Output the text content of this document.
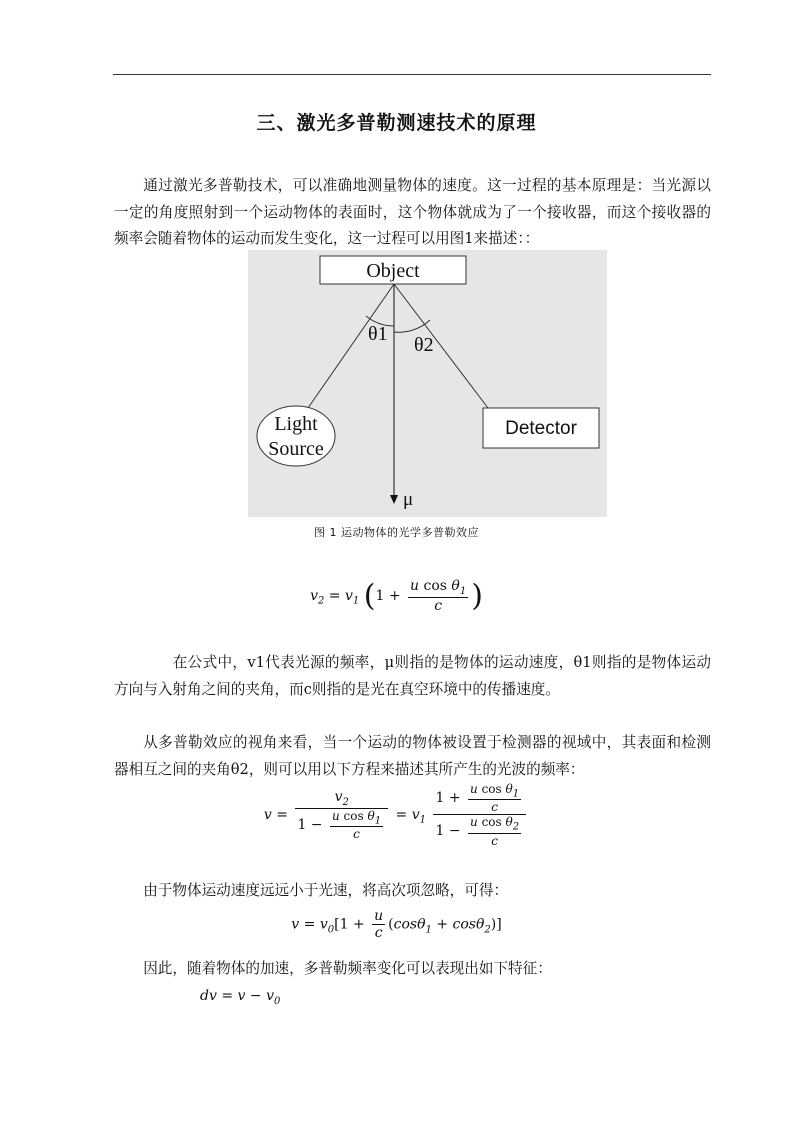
三、激光多普勒测速技术的原理

通过激光多普勒技术，可以准确地测量物体的速度。这一过程的基本原理是：当光源以一定的角度照射到一个运动物体的表面时，这个物体就成为了一个接收器，而这个接收器的频率会随着物体的运动而发生变化，这一过程可以用图1来描述：：

Object
θ1 θ2
Light
Source
Detector
μ
图 1 运动物体的光学多普勒效应
$v_2 = v_1$ ($1 + \frac{u \cos \theta_1}{c}$ )

在公式中，v1代表光源的频率，μ则指的是物体的运动速度，θ1则指的是物体运动方向与入射角之间的夹角，而c则指的是光在真空环境中的传播速度。

从多普勒效应的视角来看，当一个运动的物体被设置于检测器的视域中，其表面和检测器相互之间的夹角θ2，则可以用以下方程来描述其所产生的光波的频率：

$v = \frac{v_2}{1 - \frac{u \cos \theta_1}{c}} = v_1 \frac{1 + \frac{u \cos \theta_1}{c}}{1 - \frac{u \cos \theta_2}{c}}$

由于物体运动速度远远小于光速，将高次项忽略，可得：

$v = v_0[1 + \frac{u}{c} (\cos\theta_1 + \cos\theta_2)]$

因此，随着物体的加速，多普勒频率变化可以表现出如下特征：

dv = $v - v_0$
